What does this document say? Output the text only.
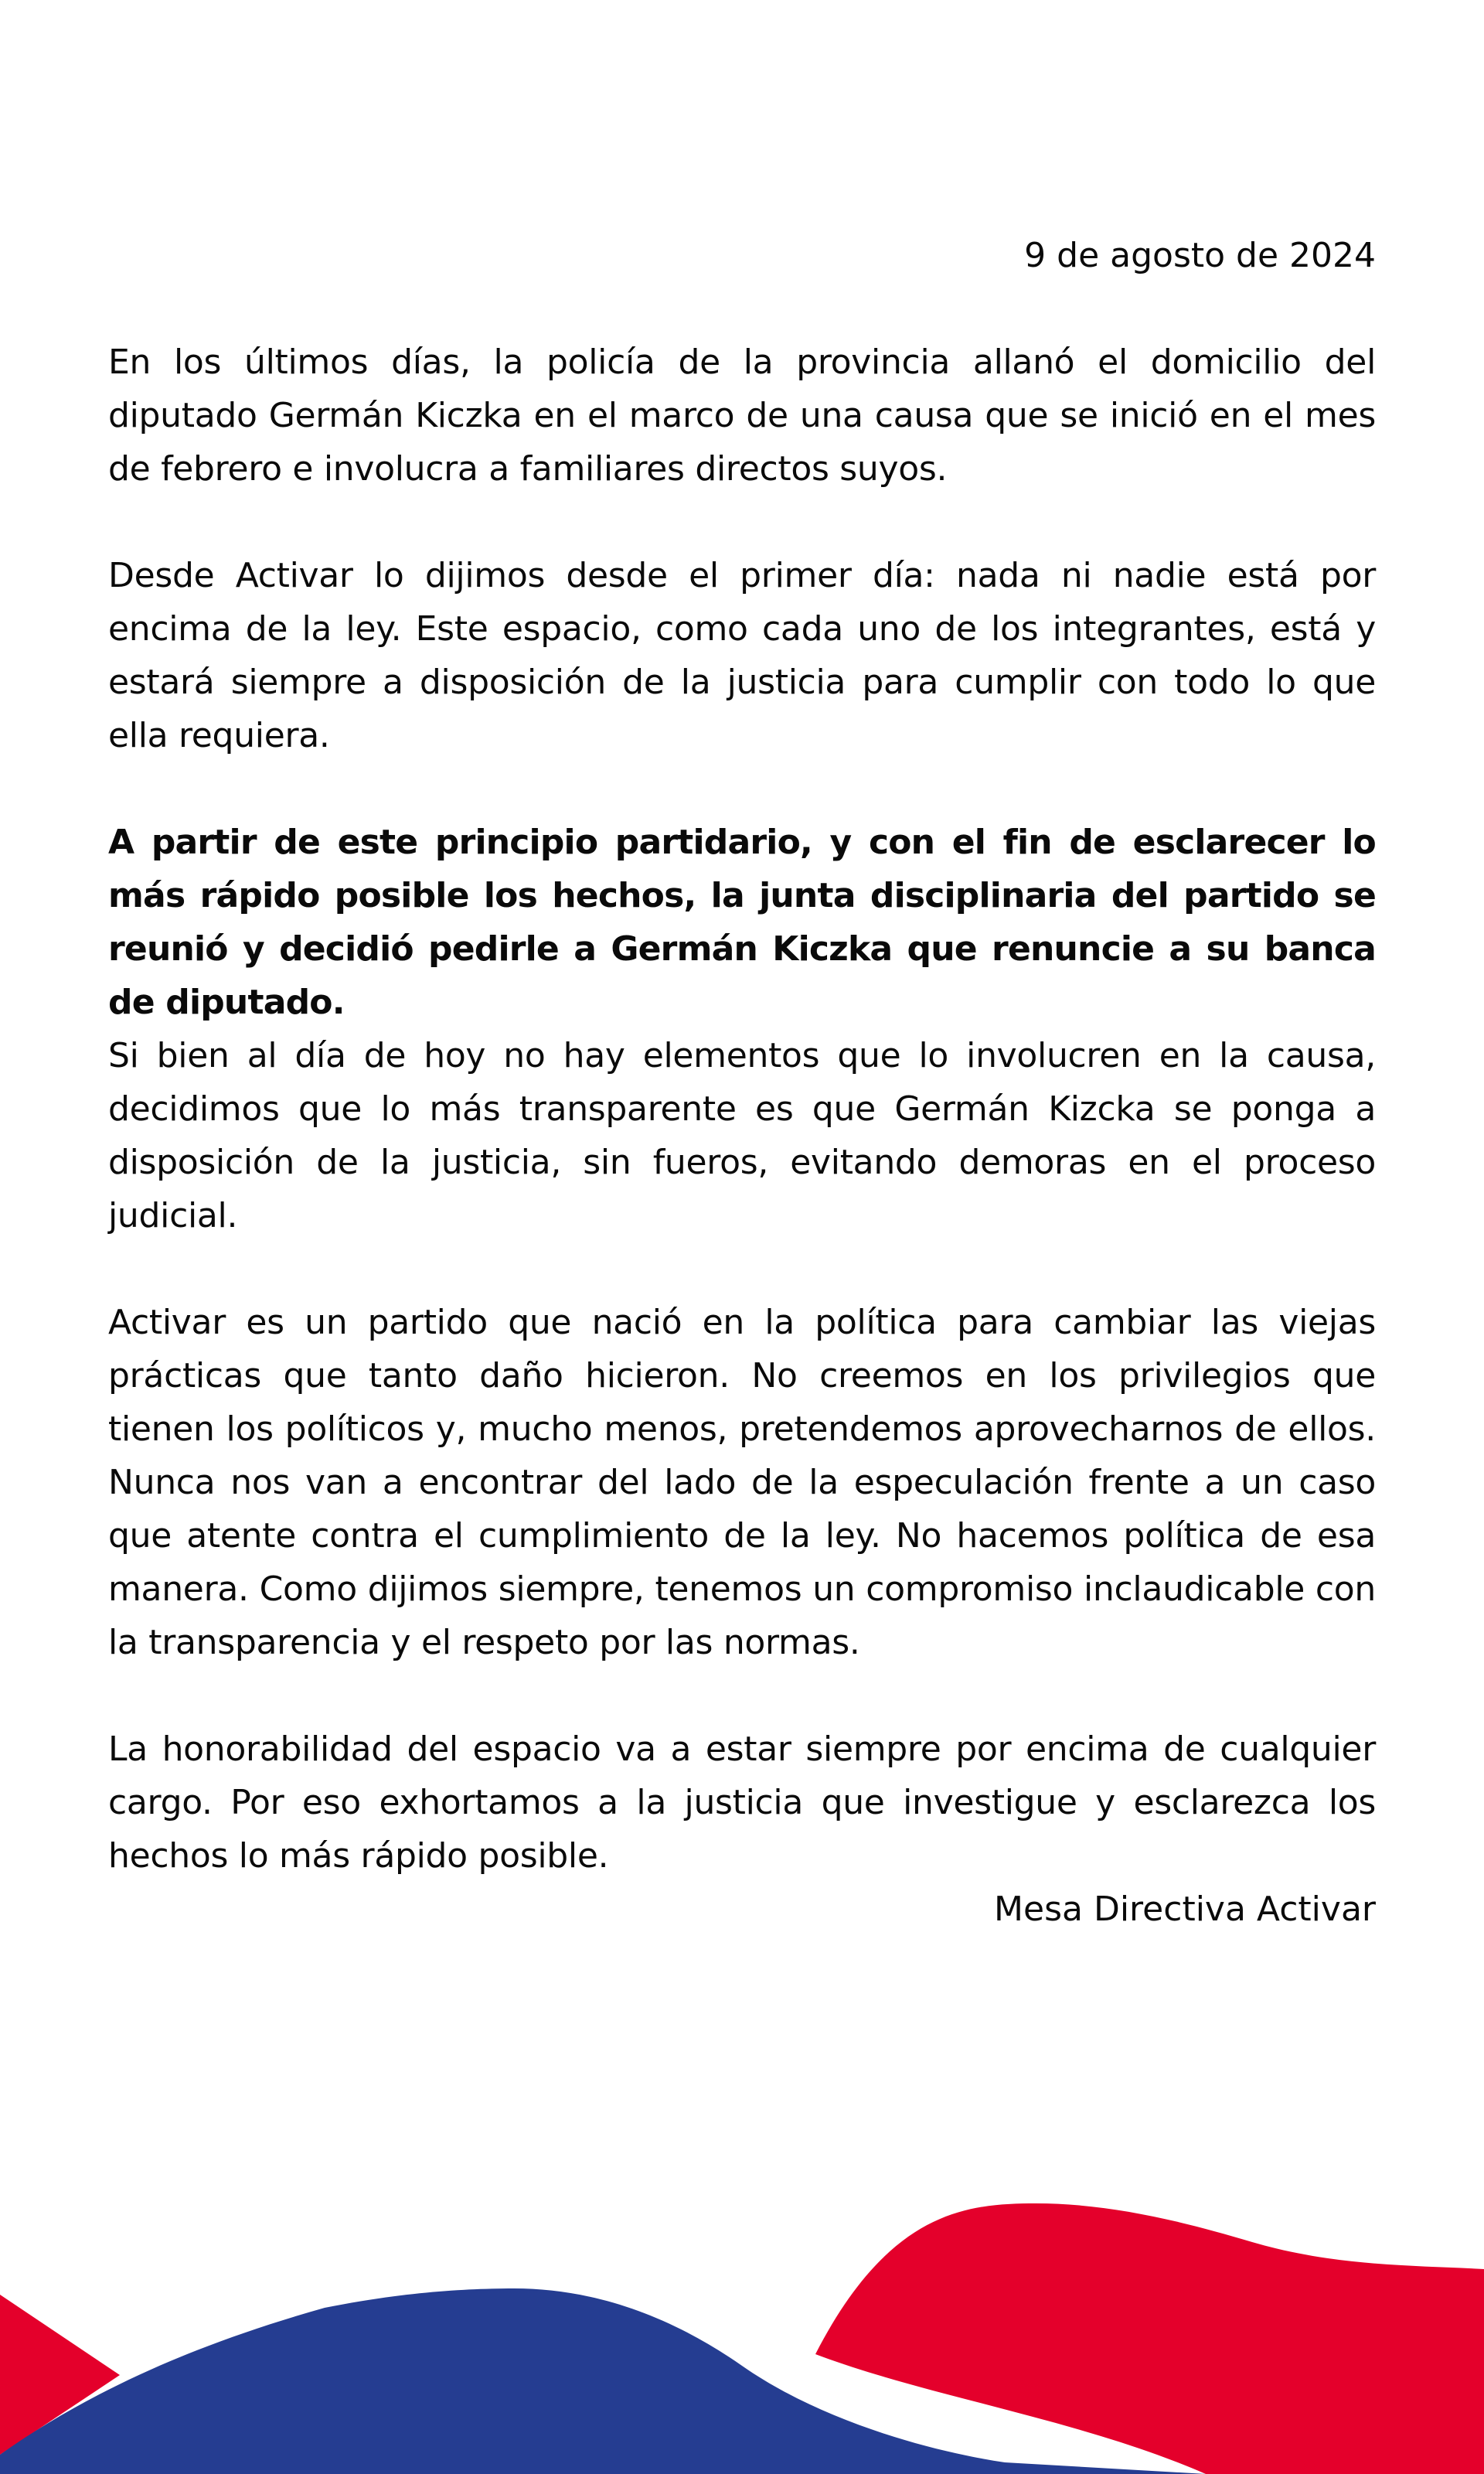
9 de agosto de 2024

En los últimos días, la policía de la provincia allanó el domicilio del diputado Germán Kiczka en el marco de una causa que se inició en el mes de febrero e involucra a familiares directos suyos.

Desde Activar lo dijimos desde el primer día: nada ni nadie está por encima de la ley. Este espacio, como cada uno de los integrantes, está y estará siempre a disposición de la justicia para cumplir con todo lo que ella requiera.

A partir de este principio partidario, y con el fin de esclarecer lo más rápido posible los hechos, la junta disciplinaria del partido se reunió y decidió pedirle a Germán Kiczka que renuncie a su banca de diputado.

Si bien al día de hoy no hay elementos que lo involucren en la causa, decidimos que lo más transparente es que Germán Kizcka se ponga a disposición de la justicia, sin fueros, evitando demoras en el proceso judicial.

Activar es un partido que nació en la política para cambiar las viejas prácticas que tanto daño hicieron. No creemos en los privilegios que tienen los políticos y, mucho menos, pretendemos aprovecharnos de ellos. Nunca nos van a encontrar del lado de la especulación frente a un caso que atente contra el cumplimiento de la ley. No hacemos política de esa manera. Como dijimos siempre, tenemos un compromiso inclaudicable con la transparencia y el respeto por las normas.

La honorabilidad del espacio va a estar siempre por encima de cualquier cargo. Por eso exhortamos a la justicia que investigue y esclarezca los hechos lo más rápido posible.

Mesa Directiva Activar
